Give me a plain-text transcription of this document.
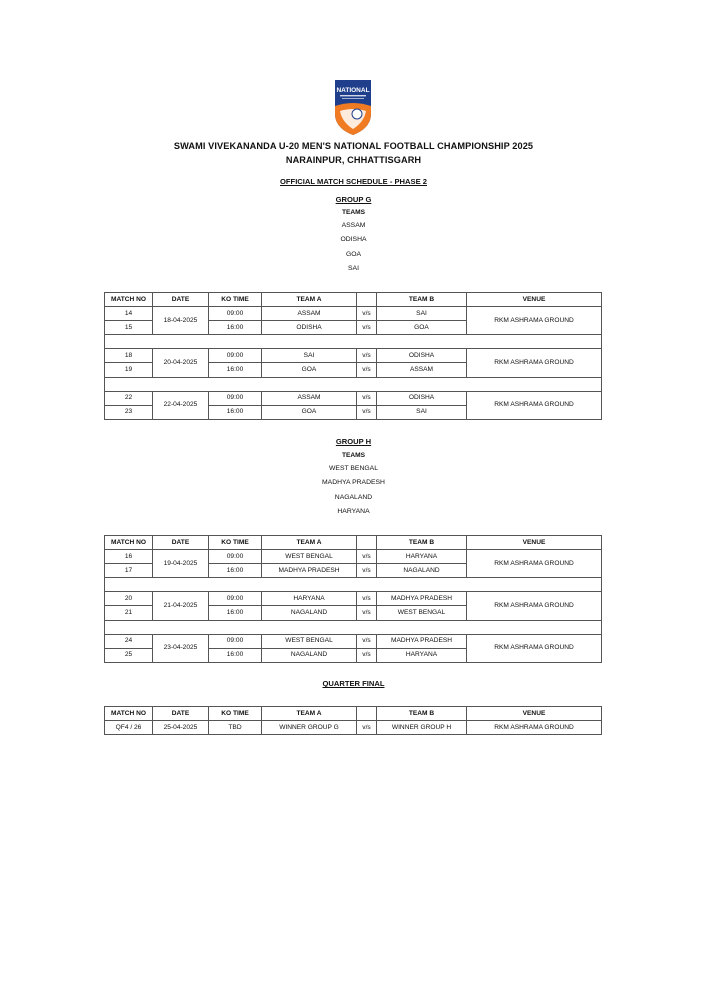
NATIONAL
SWAMI VIVEKANANDA U-20 MEN'S NATIONAL FOOTBALL CHAMPIONSHIP 2025
NARAINPUR, CHHATTISGARH
OFFICIAL MATCH SCHEDULE - PHASE 2
GROUP G
TEAMS
ASSAM
ODISHA
GOA
SAI
MATCH NO	DATE	KO TIME	TEAM A		TEAM B	VENUE
14	18-04-2025	09:00	ASSAM	v/s	SAI	RKM ASHRAMA GROUND
15		16:00	ODISHA	v/s	GOA	

18	20-04-2025	09:00	SAI	v/s	ODISHA	RKM ASHRAMA GROUND
19		16:00	GOA	v/s	ASSAM	

22	22-04-2025	09:00	ASSAM	v/s	ODISHA	RKM ASHRAMA GROUND
23		16:00	GOA	v/s	SAI	
GROUP H
TEAMS
WEST BENGAL
MADHYA PRADESH
NAGALAND
HARYANA
MATCH NO	DATE	KO TIME	TEAM A		TEAM B	VENUE
16	19-04-2025	09:00	WEST BENGAL	v/s	HARYANA	RKM ASHRAMA GROUND
17		16:00	MADHYA PRADESH	v/s	NAGALAND	

20	21-04-2025	09:00	HARYANA	v/s	MADHYA PRADESH	RKM ASHRAMA GROUND
21		16:00	NAGALAND	v/s	WEST BENGAL	

24	23-04-2025	09:00	WEST BENGAL	v/s	MADHYA PRADESH	RKM ASHRAMA GROUND
25		16:00	NAGALAND	v/s	HARYANA	
QUARTER FINAL
MATCH NO	DATE	KO TIME	TEAM A		TEAM B	VENUE
QF4 / 26	25-04-2025	TBD	WINNER GROUP G	v/s	WINNER GROUP H	RKM ASHRAMA GROUND
